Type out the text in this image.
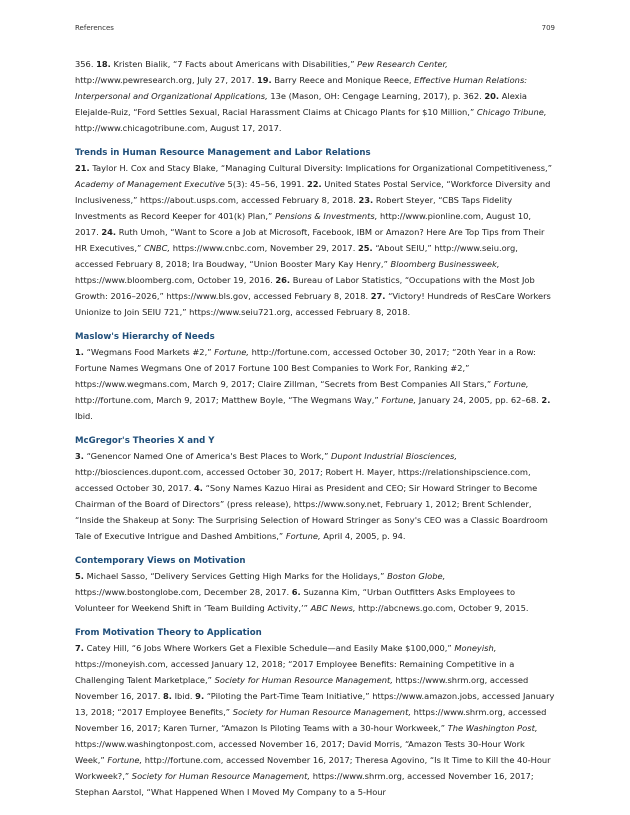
References	709

356. 18. Kristen Bialik, “7 Facts about Americans with Disabilities,” Pew Research Center, http://www.pewresearch.org, July 27, 2017. 19. Barry Reece and Monique Reece, Effective Human Relations: Interpersonal and Organizational Applications, 13e (Mason, OH: Cengage Learning, 2017), p. 362. 20. Alexia Elejalde-Ruiz, “Ford Settles Sexual, Racial Harassment Claims at Chicago Plants for $10 Million,” Chicago Tribune, http://www.chicagotribune.com, August 17, 2017.

Trends in Human Resource Management and Labor Relations

21. Taylor H. Cox and Stacy Blake, “Managing Cultural Diversity: Implications for Organizational Competitiveness,” Academy of Management Executive 5(3): 45–56, 1991. 22. United States Postal Service, “Workforce Diversity and Inclusiveness,” https://about.usps.com, accessed February 8, 2018. 23. Robert Steyer, “CBS Taps Fidelity Investments as Record Keeper for 401(k) Plan,” Pensions & Investments, http://www.pionline.com, August 10, 2017. 24. Ruth Umoh, “Want to Score a Job at Microsoft, Facebook, IBM or Amazon? Here Are Top Tips from Their HR Executives,” CNBC, https://www.cnbc.com, November 29, 2017. 25. “About SEIU,” http://www.seiu.org, accessed February 8, 2018; Ira Boudway, “Union Booster Mary Kay Henry,” Bloomberg Businessweek, https://www.bloomberg.com, October 19, 2016. 26. Bureau of Labor Statistics, “Occupations with the Most Job Growth: 2016–2026,” https://www.bls.gov, accessed February 8, 2018. 27. “Victory! Hundreds of ResCare Workers Unionize to Join SEIU 721,” https://www.seiu721.org, accessed February 8, 2018.

Maslow's Hierarchy of Needs

1. “Wegmans Food Markets #2,” Fortune, http://fortune.com, accessed October 30, 2017; “20th Year in a Row: Fortune Names Wegmans One of 2017 Fortune 100 Best Companies to Work For, Ranking #2,” https://www.wegmans.com, March 9, 2017; Claire Zillman, “Secrets from Best Companies All Stars,” Fortune, http://fortune.com, March 9, 2017; Matthew Boyle, “The Wegmans Way,” Fortune, January 24, 2005, pp. 62–68. 2. Ibid.

McGregor's Theories X and Y

3. “Genencor Named One of America's Best Places to Work,” Dupont Industrial Biosciences, http://biosciences.dupont.com, accessed October 30, 2017; Robert H. Mayer, https://relationshipscience.com, accessed October 30, 2017. 4. “Sony Names Kazuo Hirai as President and CEO; Sir Howard Stringer to Become Chairman of the Board of Directors” (press release), https://www.sony.net, February 1, 2012; Brent Schlender, “Inside the Shakeup at Sony: The Surprising Selection of Howard Stringer as Sony's CEO was a Classic Boardroom Tale of Executive Intrigue and Dashed Ambitions,” Fortune, April 4, 2005, p. 94.

Contemporary Views on Motivation

5. Michael Sasso, “Delivery Services Getting High Marks for the Holidays,” Boston Globe, https://www.bostonglobe.com, December 28, 2017. 6. Suzanna Kim, “Urban Outfitters Asks Employees to Volunteer for Weekend Shift in ‘Team Building Activity,’” ABC News, http://abcnews.go.com, October 9, 2015.

From Motivation Theory to Application

7. Catey Hill, “6 Jobs Where Workers Get a Flexible Schedule—and Easily Make $100,000,” Moneyish, https://moneyish.com, accessed January 12, 2018; “2017 Employee Benefits: Remaining Competitive in a Challenging Talent Marketplace,” Society for Human Resource Management, https://www.shrm.org, accessed November 16, 2017. 8. Ibid. 9. “Piloting the Part-Time Team Initiative,” https://www.amazon.jobs, accessed January 13, 2018; “2017 Employee Benefits,” Society for Human Resource Management, https://www.shrm.org, accessed November 16, 2017; Karen Turner, “Amazon Is Piloting Teams with a 30-hour Workweek,” The Washington Post, https://www.washingtonpost.com, accessed November 16, 2017; David Morris, “Amazon Tests 30-Hour Work Week,” Fortune, http://fortune.com, accessed November 16, 2017; Theresa Agovino, “Is It Time to Kill the 40-Hour Workweek?,” Society for Human Resource Management, https://www.shrm.org, accessed November 16, 2017; Stephan Aarstol, “What Happened When I Moved My Company to a 5-Hour
